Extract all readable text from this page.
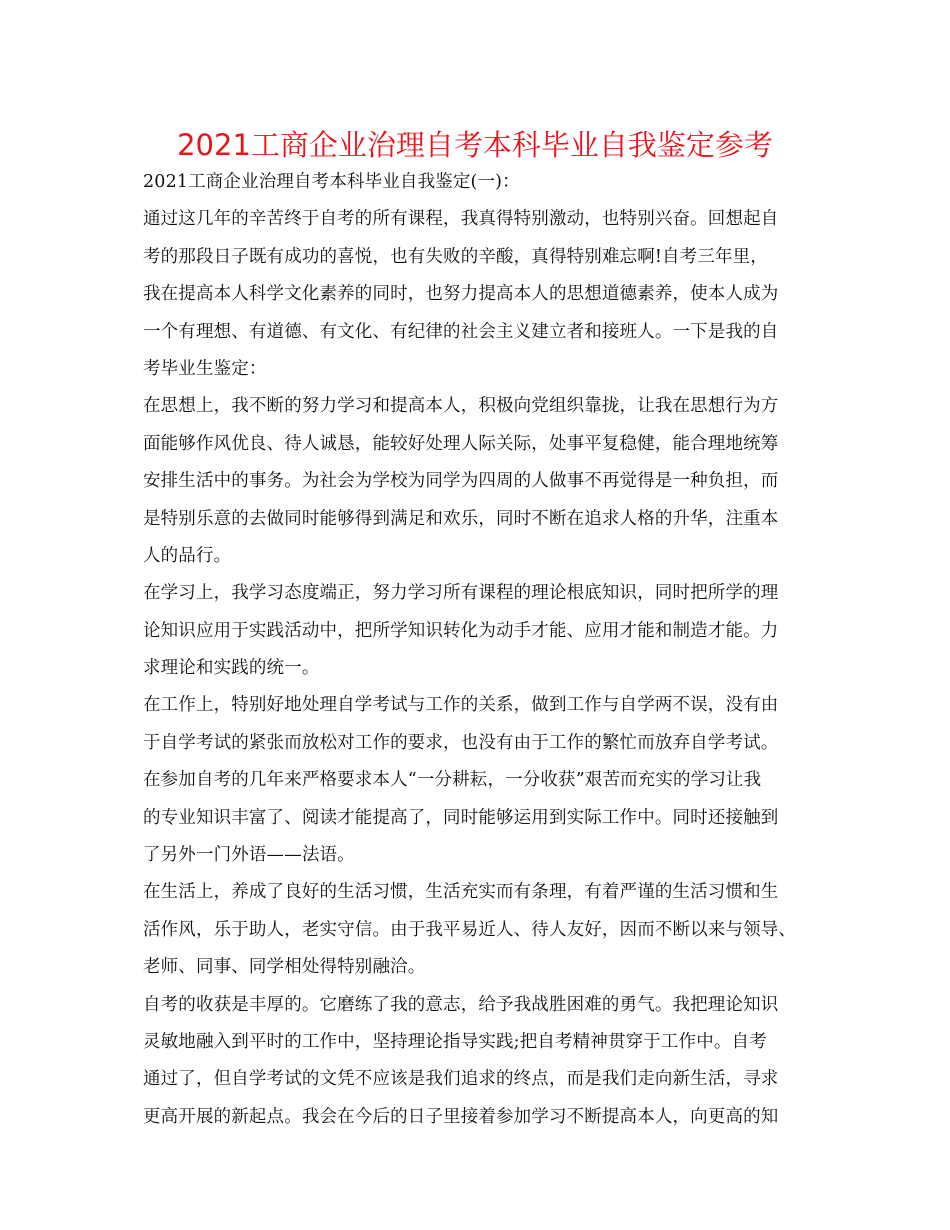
2021工商企业治理自考本科毕业自我鉴定参考
2021工商企业治理自考本科毕业自我鉴定(一)：
通过这几年的辛苦终于自考的所有课程，我真得特别激动，也特别兴奋。回想起自
考的那段日子既有成功的喜悦，也有失败的辛酸，真得特别难忘啊!自考三年里，
我在提高本人科学文化素养的同时，也努力提高本人的思想道德素养，使本人成为
一个有理想、有道德、有文化、有纪律的社会主义建立者和接班人。一下是我的自
考毕业生鉴定：
在思想上，我不断的努力学习和提高本人，积极向党组织靠拢，让我在思想行为方
面能够作风优良、待人诚恳，能较好处理人际关际，处事平复稳健，能合理地统筹
安排生活中的事务。为社会为学校为同学为四周的人做事不再觉得是一种负担，而
是特别乐意的去做同时能够得到满足和欢乐，同时不断在追求人格的升华，注重本
人的品行。
在学习上，我学习态度端正，努力学习所有课程的理论根底知识，同时把所学的理
论知识应用于实践活动中，把所学知识转化为动手才能、应用才能和制造才能。力
求理论和实践的统一。
在工作上，特别好地处理自学考试与工作的关系，做到工作与自学两不误，没有由
于自学考试的紧张而放松对工作的要求，也没有由于工作的繁忙而放弃自学考试。
在参加自考的几年来严格要求本人“一分耕耘，一分收获”艰苦而充实的学习让我
的专业知识丰富了、阅读才能提高了，同时能够运用到实际工作中。同时还接触到
了另外一门外语——法语。
在生活上，养成了良好的生活习惯，生活充实而有条理，有着严谨的生活习惯和生
活作风，乐于助人，老实守信。由于我平易近人、待人友好，因而不断以来与领导、
老师、同事、同学相处得特别融洽。
自考的收获是丰厚的。它磨练了我的意志，给予我战胜困难的勇气。我把理论知识
灵敏地融入到平时的工作中，坚持理论指导实践;把自考精神贯穿于工作中。自考
通过了，但自学考试的文凭不应该是我们追求的终点，而是我们走向新生活，寻求
更高开展的新起点。我会在今后的日子里接着参加学习不断提高本人，向更高的知
